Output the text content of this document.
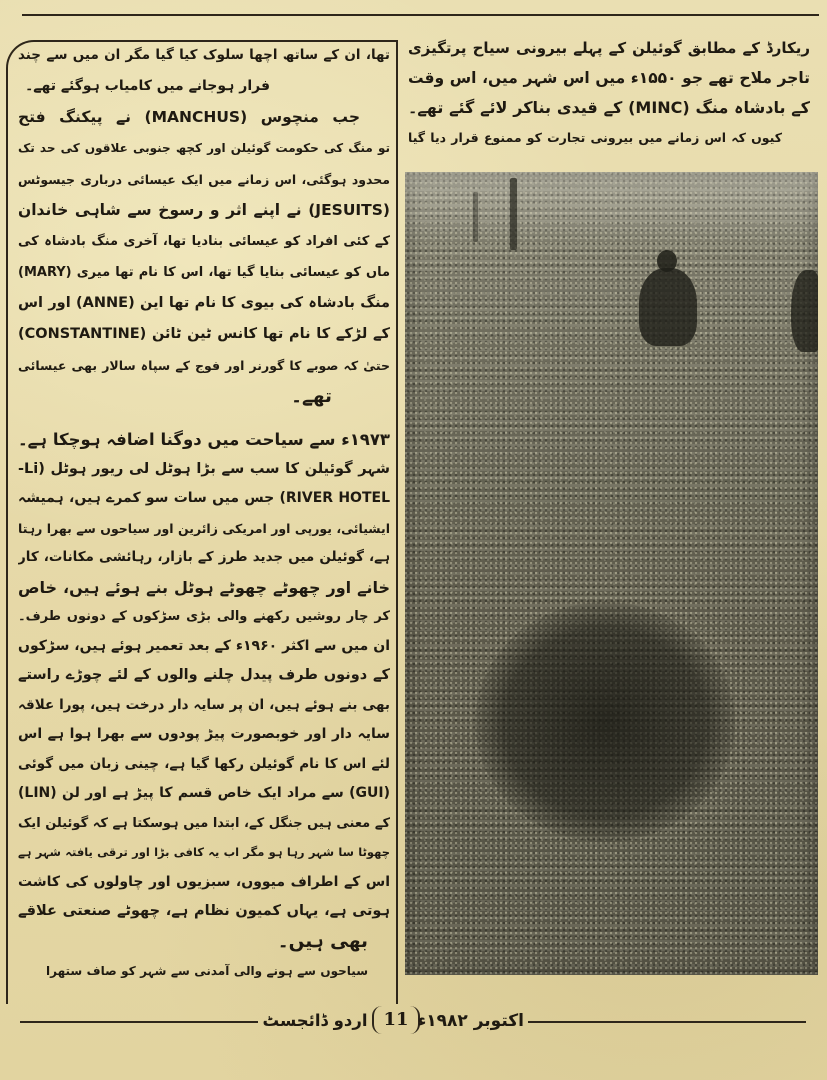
ریکارڈ کے مطابق گوئیلن کے پہلے بیرونی سیاح پرتگیزی
تاجر ملاح تھے جو ۱۵۵۰ء میں اس شہر میں، اس وقت
کے بادشاہ منگ (MINC) کے قیدی بناکر لائے گئے تھے۔
کیوں کہ اس زمانے میں بیرونی تجارت کو ممنوع قرار دیا گیا
تھا، ان کے ساتھ اچھا سلوک کیا گیا مگر ان میں سے چند
فرار ہوجانے میں کامیاب ہوگئے تھے۔
جب منچوس (MANCHUS) نے پیکنگ فتح
تو منگ کی حکومت گوئیلن اور کچھ جنوبی علاقوں کی حد تک
محدود ہوگئی، اس زمانے میں ایک عیسائی درباری جیسوٹس
(JESUITS) نے اپنے اثر و رسوخ سے شاہی خاندان
کے کئی افراد کو عیسائی بنادیا تھا، آخری منگ بادشاہ کی
ماں کو عیسائی بنایا گیا تھا، اس کا نام تھا میری (MARY)
منگ بادشاہ کی بیوی کا نام تھا این (ANNE) اور اس
کے لڑکے کا نام تھا کانس ٹین ٹائن (CONSTANTINE)
حتیٰ کہ صوبے کا گورنر اور فوج کے سپاہ سالار بھی عیسائی
تھے۔
۱۹۷۳ء سے سیاحت میں دوگنا اضافہ ہوچکا ہے۔
شہر گوئیلن کا سب سے بڑا ہوٹل لی ریور ہوٹل (Li-
RIVER HOTEL) جس میں سات سو کمرے ہیں، ہمیشہ
ایشیائی، یورپی اور امریکی زائرین اور سیاحوں سے بھرا رہتا
ہے، گوئیلن میں جدید طرز کے بازار، رہائشی مکانات، کار
خانے اور چھوٹے چھوٹے ہوٹل بنے ہوئے ہیں، خاص
کر چار روشیں رکھنے والی بڑی سڑکوں کے دونوں طرف۔
ان میں سے اکثر ۱۹۶۰ء کے بعد تعمیر ہوئے ہیں، سڑکوں
کے دونوں طرف پیدل چلنے والوں کے لئے چوڑے راستے
بھی بنے ہوئے ہیں، ان پر سایہ دار درخت ہیں، پورا علاقہ
سایہ دار اور خوبصورت پیڑ پودوں سے بھرا ہوا ہے اس
لئے اس کا نام گوئیلن رکھا گیا ہے، چینی زبان میں گوئی
(GUI) سے مراد ایک خاص قسم کا پیڑ ہے اور لن (LIN)
کے معنی ہیں جنگل کے، ابتدا میں ہوسکتا ہے کہ گوئیلن ایک
چھوٹا سا شہر رہا ہو مگر اب یہ کافی بڑا اور ترقی یافتہ شہر ہے
اس کے اطراف میووں، سبزیوں اور چاولوں کی کاشت
ہوتی ہے، یہاں کمیون نظام ہے، چھوٹے صنعتی علاقے
بھی ہیں۔
سیاحوں سے ہونے والی آمدنی سے شہر کو صاف ستھرا
اردو ڈائجسٹ 11 اکتوبر ۱۹۸۲ء
